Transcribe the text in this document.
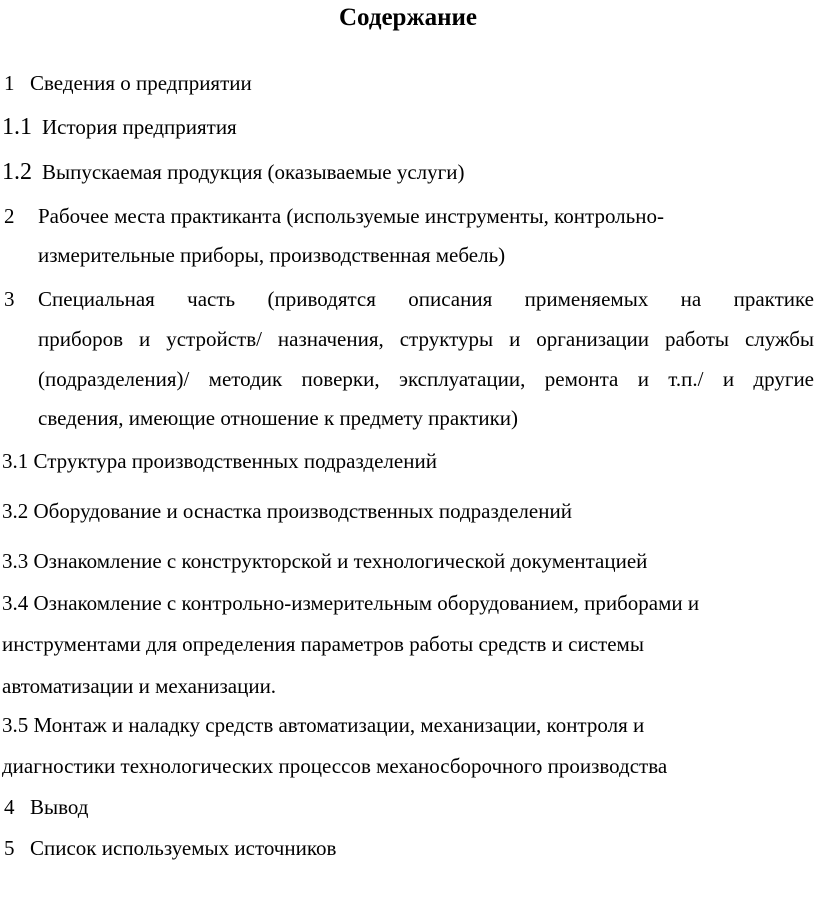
Содержание
1 Сведения о предприятии
1.1 История предприятия
1.2 Выпускаемая продукция (оказываемые услуги)
2 Рабочее места практиканта (используемые инструменты, контрольно-
измерительные приборы, производственная мебель)
3 Специальная часть (приводятся описания применяемых на практике
приборов и устройств/ назначения, структуры и организации работы службы
(подразделения)/ методик поверки, эксплуатации, ремонта и т.п./ и другие
сведения, имеющие отношение к предмету практики)
3.1 Структура производственных подразделений
3.2 Оборудование и оснастка производственных подразделений
3.3 Ознакомление с конструкторской и технологической документацией
3.4 Ознакомление с контрольно-измерительным оборудованием, приборами и
инструментами для определения параметров работы средств и системы
автоматизации и механизации.
3.5 Монтаж и наладку средств автоматизации, механизации, контроля и
диагностики технологических процессов механосборочного производства
4 Вывод
5 Список используемых источников
